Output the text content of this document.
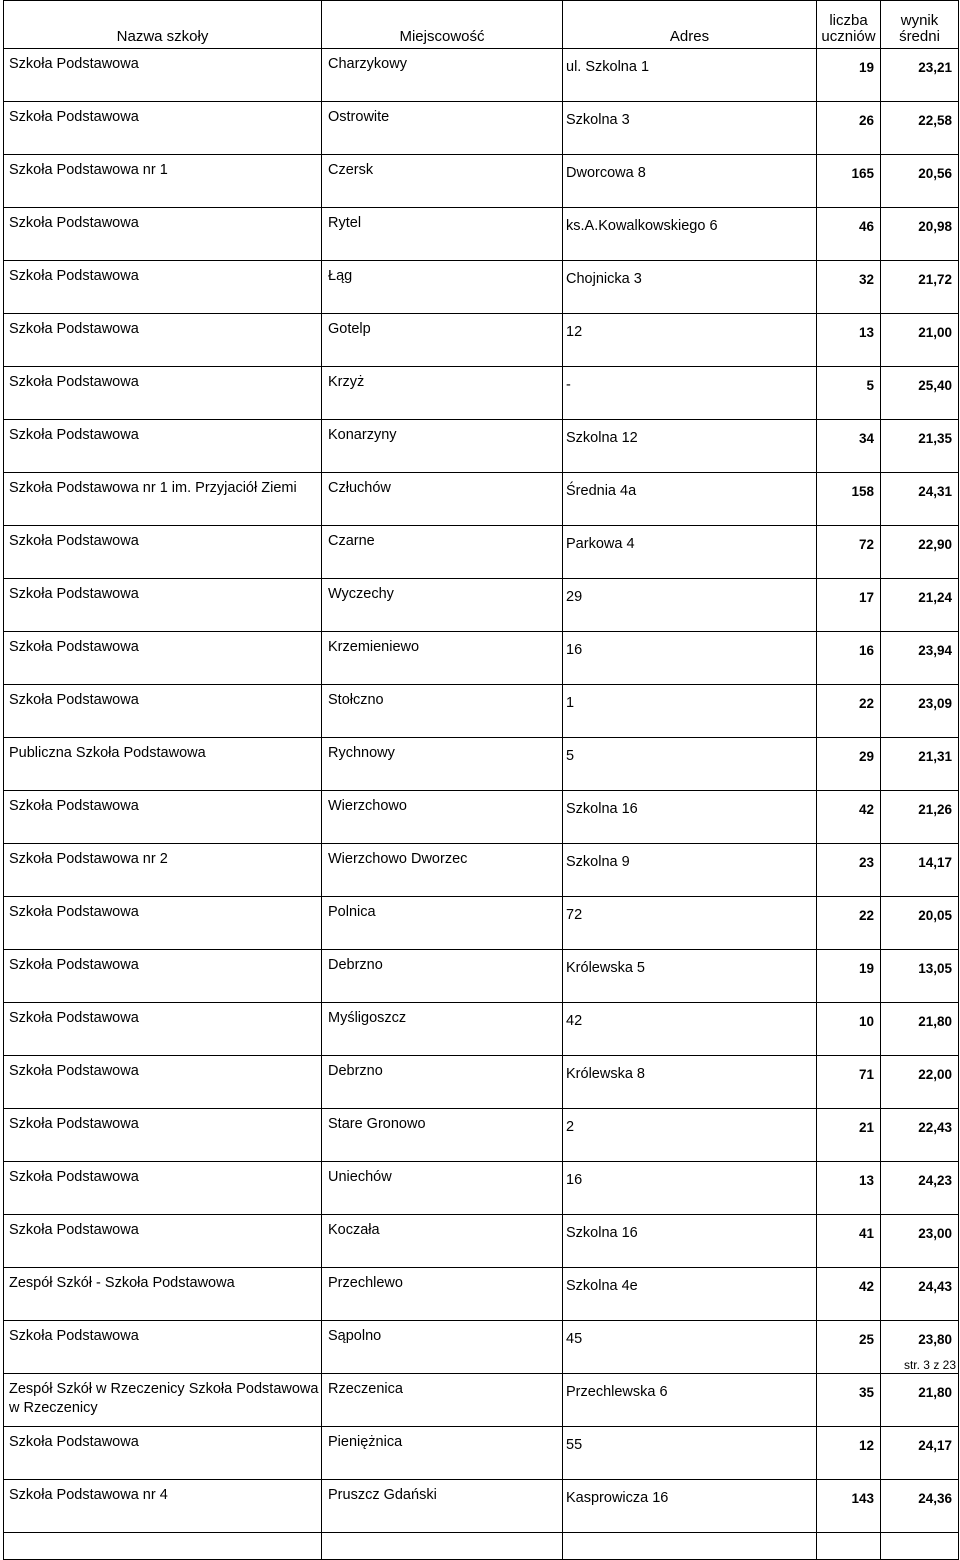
Nazwa szkoły	Miejscowość	Adres	liczba uczniów	wynik średni
Szkoła Podstawowa	Charzykowy	ul. Szkolna 1	19	23,21
Szkoła Podstawowa	Ostrowite	Szkolna 3	26	22,58
Szkoła Podstawowa nr 1	Czersk	Dworcowa 8	165	20,56
Szkoła Podstawowa	Rytel	ks.A.Kowalkowskiego 6	46	20,98
Szkoła Podstawowa	Łąg	Chojnicka 3	32	21,72
Szkoła Podstawowa	Gotelp	12	13	21,00
Szkoła Podstawowa	Krzyż	-	5	25,40
Szkoła Podstawowa	Konarzyny	Szkolna 12	34	21,35
Szkoła Podstawowa nr 1 im. Przyjaciół Ziemi	Człuchów	Średnia 4a	158	24,31
Szkoła Podstawowa	Czarne	Parkowa 4	72	22,90
Szkoła Podstawowa	Wyczechy	29	17	21,24
Szkoła Podstawowa	Krzemieniewo	16	16	23,94
Szkoła Podstawowa	Stołczno	1	22	23,09
Publiczna Szkoła Podstawowa	Rychnowy	5	29	21,31
Szkoła Podstawowa	Wierzchowo	Szkolna 16	42	21,26
Szkoła Podstawowa nr 2	Wierzchowo Dworzec	Szkolna 9	23	14,17
Szkoła Podstawowa	Polnica	72	22	20,05
Szkoła Podstawowa	Debrzno	Królewska 5	19	13,05
Szkoła Podstawowa	Myśligoszcz	42	10	21,80
Szkoła Podstawowa	Debrzno	Królewska 8	71	22,00
Szkoła Podstawowa	Stare Gronowo	2	21	22,43
Szkoła Podstawowa	Uniechów	16	13	24,23
Szkoła Podstawowa	Koczała	Szkolna 16	41	23,00
Zespół Szkół - Szkoła Podstawowa	Przechlewo	Szkolna 4e	42	24,43
Szkoła Podstawowa	Sąpolno	45	25	23,80
Zespół Szkół w Rzeczenicy Szkoła Podstawowa w Rzeczenicy	Rzeczenica	Przechlewska 6	35	21,80
Szkoła Podstawowa	Pieniężnica	55	12	24,17
Szkoła Podstawowa nr 4	Pruszcz Gdański	Kasprowicza 16	143	24,36

str. 3 z 23
